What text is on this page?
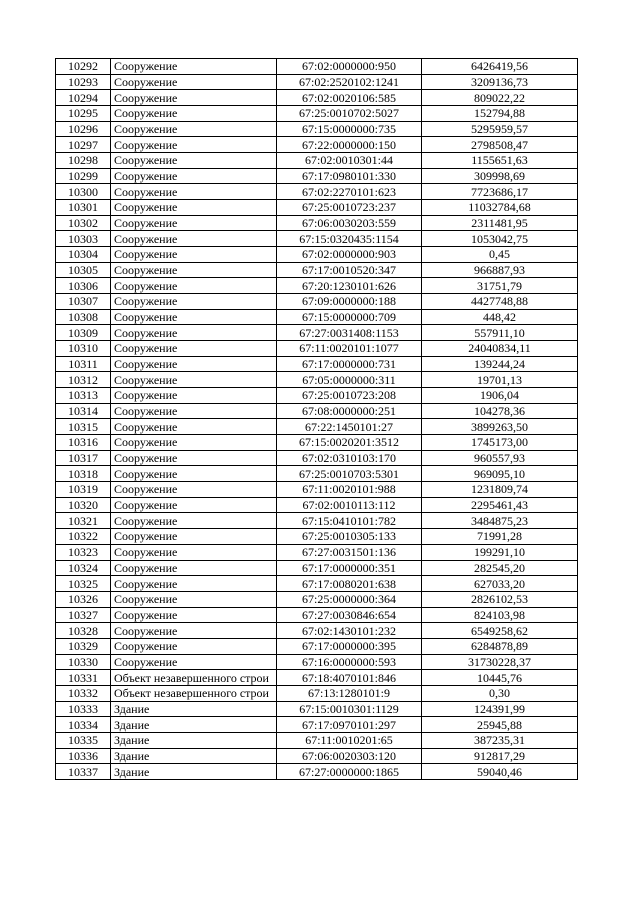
10292	Сооружение	67:02:0000000:950	6426419,56
10293	Сооружение	67:02:2520102:1241	3209136,73
10294	Сооружение	67:02:0020106:585	809022,22
10295	Сооружение	67:25:0010702:5027	152794,88
10296	Сооружение	67:15:0000000:735	5295959,57
10297	Сооружение	67:22:0000000:150	2798508,47
10298	Сооружение	67:02:0010301:44	1155651,63
10299	Сооружение	67:17:0980101:330	309998,69
10300	Сооружение	67:02:2270101:623	7723686,17
10301	Сооружение	67:25:0010723:237	11032784,68
10302	Сооружение	67:06:0030203:559	2311481,95
10303	Сооружение	67:15:0320435:1154	1053042,75
10304	Сооружение	67:02:0000000:903	0,45
10305	Сооружение	67:17:0010520:347	966887,93
10306	Сооружение	67:20:1230101:626	31751,79
10307	Сооружение	67:09:0000000:188	4427748,88
10308	Сооружение	67:15:0000000:709	448,42
10309	Сооружение	67:27:0031408:1153	557911,10
10310	Сооружение	67:11:0020101:1077	24040834,11
10311	Сооружение	67:17:0000000:731	139244,24
10312	Сооружение	67:05:0000000:311	19701,13
10313	Сооружение	67:25:0010723:208	1906,04
10314	Сооружение	67:08:0000000:251	104278,36
10315	Сооружение	67:22:1450101:27	3899263,50
10316	Сооружение	67:15:0020201:3512	1745173,00
10317	Сооружение	67:02:0310103:170	960557,93
10318	Сооружение	67:25:0010703:5301	969095,10
10319	Сооружение	67:11:0020101:988	1231809,74
10320	Сооружение	67:02:0010113:112	2295461,43
10321	Сооружение	67:15:0410101:782	3484875,23
10322	Сооружение	67:25:0010305:133	71991,28
10323	Сооружение	67:27:0031501:136	199291,10
10324	Сооружение	67:17:0000000:351	282545,20
10325	Сооружение	67:17:0080201:638	627033,20
10326	Сооружение	67:25:0000000:364	2826102,53
10327	Сооружение	67:27:0030846:654	824103,98
10328	Сооружение	67:02:1430101:232	6549258,62
10329	Сооружение	67:17:0000000:395	6284878,89
10330	Сооружение	67:16:0000000:593	31730228,37
10331	Объект незавершенного строи	67:18:4070101:846	10445,76
10332	Объект незавершенного строи	67:13:1280101:9	0,30
10333	Здание	67:15:0010301:1129	124391,99
10334	Здание	67:17:0970101:297	25945,88
10335	Здание	67:11:0010201:65	387235,31
10336	Здание	67:06:0020303:120	912817,29
10337	Здание	67:27:0000000:1865	59040,46
